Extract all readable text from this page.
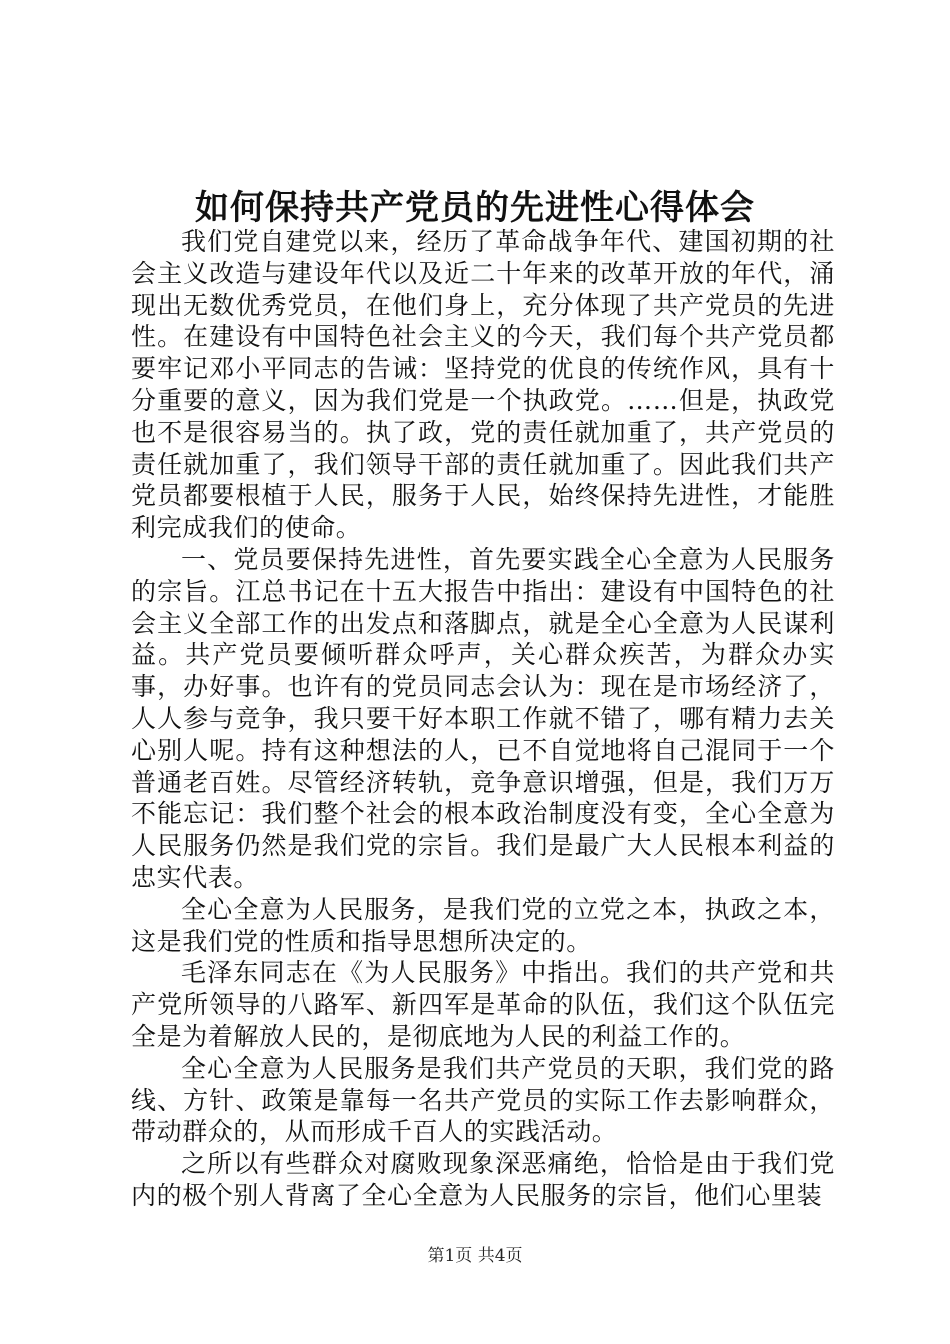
如何保持共产党员的先进性心得体会

我们党自建党以来，经历了革命战争年代、建国初期的社会主义改造与建设年代以及近二十年来的改革开放的年代，涌现出无数优秀党员，在他们身上，充分体现了共产党员的先进性。在建设有中国特色社会主义的今天，我们每个共产党员都要牢记邓小平同志的告诫：坚持党的优良的传统作风，具有十分重要的意义，因为我们党是一个执政党。……但是，执政党也不是很容易当的。执了政，党的责任就加重了，共产党员的责任就加重了，我们领导干部的责任就加重了。因此我们共产党员都要根植于人民，服务于人民，始终保持先进性，才能胜利完成我们的使命。

一、党员要保持先进性，首先要实践全心全意为人民服务的宗旨。江总书记在十五大报告中指出：建设有中国特色的社会主义全部工作的出发点和落脚点，就是全心全意为人民谋利益。共产党员要倾听群众呼声，关心群众疾苦，为群众办实事，办好事。也许有的党员同志会认为：现在是市场经济了，人人参与竞争，我只要干好本职工作就不错了，哪有精力去关心别人呢。持有这种想法的人，已不自觉地将自己混同于一个普通老百姓。尽管经济转轨，竞争意识增强，但是，我们万万不能忘记：我们整个社会的根本政治制度没有变，全心全意为人民服务仍然是我们党的宗旨。我们是最广大人民根本利益的忠实代表。

全心全意为人民服务，是我们党的立党之本，执政之本，这是我们党的性质和指导思想所决定的。

毛泽东同志在《为人民服务》中指出。我们的共产党和共产党所领导的八路军、新四军是革命的队伍，我们这个队伍完全是为着解放人民的，是彻底地为人民的利益工作的。

全心全意为人民服务是我们共产党员的天职，我们党的路线、方针、政策是靠每一名共产党员的实际工作去影响群众，带动群众的，从而形成千百人的实践活动。

之所以有些群众对腐败现象深恶痛绝，恰恰是由于我们党内的极个别人背离了全心全意为人民服务的宗旨，他们心里装

第1页 共4页
